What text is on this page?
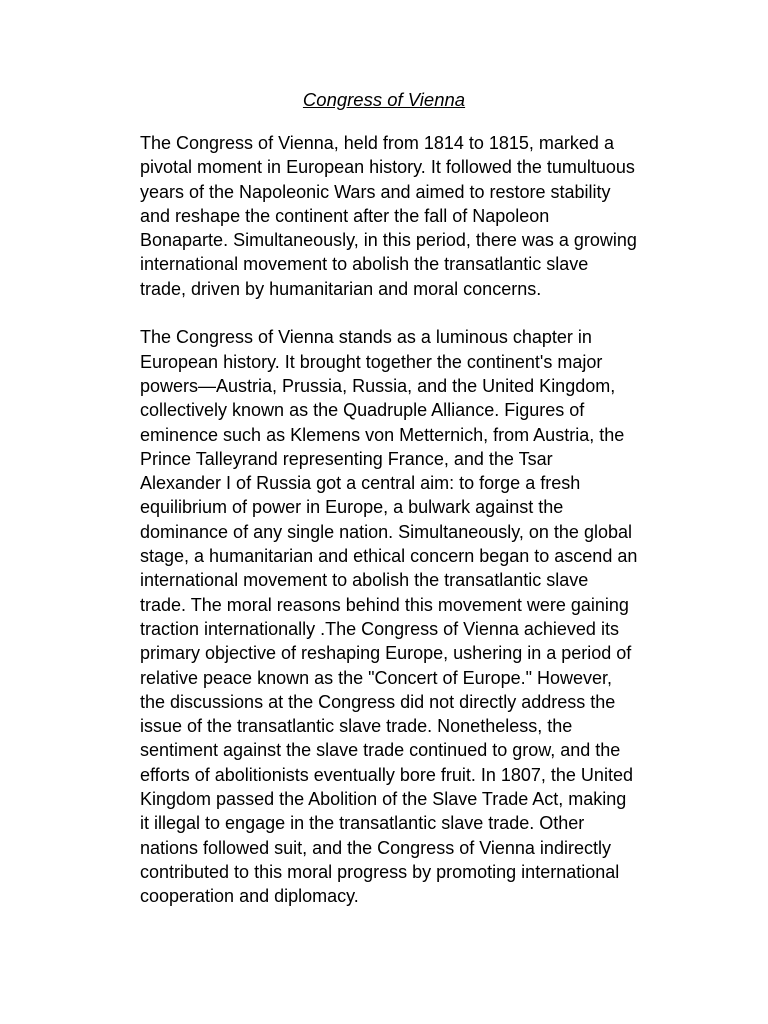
Congress of Vienna
The Congress of Vienna, held from 1814 to 1815, marked a
pivotal moment in European history. It followed the tumultuous
years of the Napoleonic Wars and aimed to restore stability
and reshape the continent after the fall of Napoleon
Bonaparte. Simultaneously, in this period, there was a growing
international movement to abolish the transatlantic slave
trade, driven by humanitarian and moral concerns.
The Congress of Vienna stands as a luminous chapter in
European history. It brought together the continent's major
powers—Austria, Prussia, Russia, and the United Kingdom,
collectively known as the Quadruple Alliance. Figures of
eminence such as Klemens von Metternich, from Austria, the
Prince Talleyrand representing France, and the Tsar
Alexander I of Russia got a central aim: to forge a fresh
equilibrium of power in Europe, a bulwark against the
dominance of any single nation. Simultaneously, on the global
stage, a humanitarian and ethical concern began to ascend an
international movement to abolish the transatlantic slave
trade. The moral reasons behind this movement were gaining
traction internationally .The Congress of Vienna achieved its
primary objective of reshaping Europe, ushering in a period of
relative peace known as the "Concert of Europe." However,
the discussions at the Congress did not directly address the
issue of the transatlantic slave trade. Nonetheless, the
sentiment against the slave trade continued to grow, and the
efforts of abolitionists eventually bore fruit. In 1807, the United
Kingdom passed the Abolition of the Slave Trade Act, making
it illegal to engage in the transatlantic slave trade. Other
nations followed suit, and the Congress of Vienna indirectly
contributed to this moral progress by promoting international
cooperation and diplomacy.
